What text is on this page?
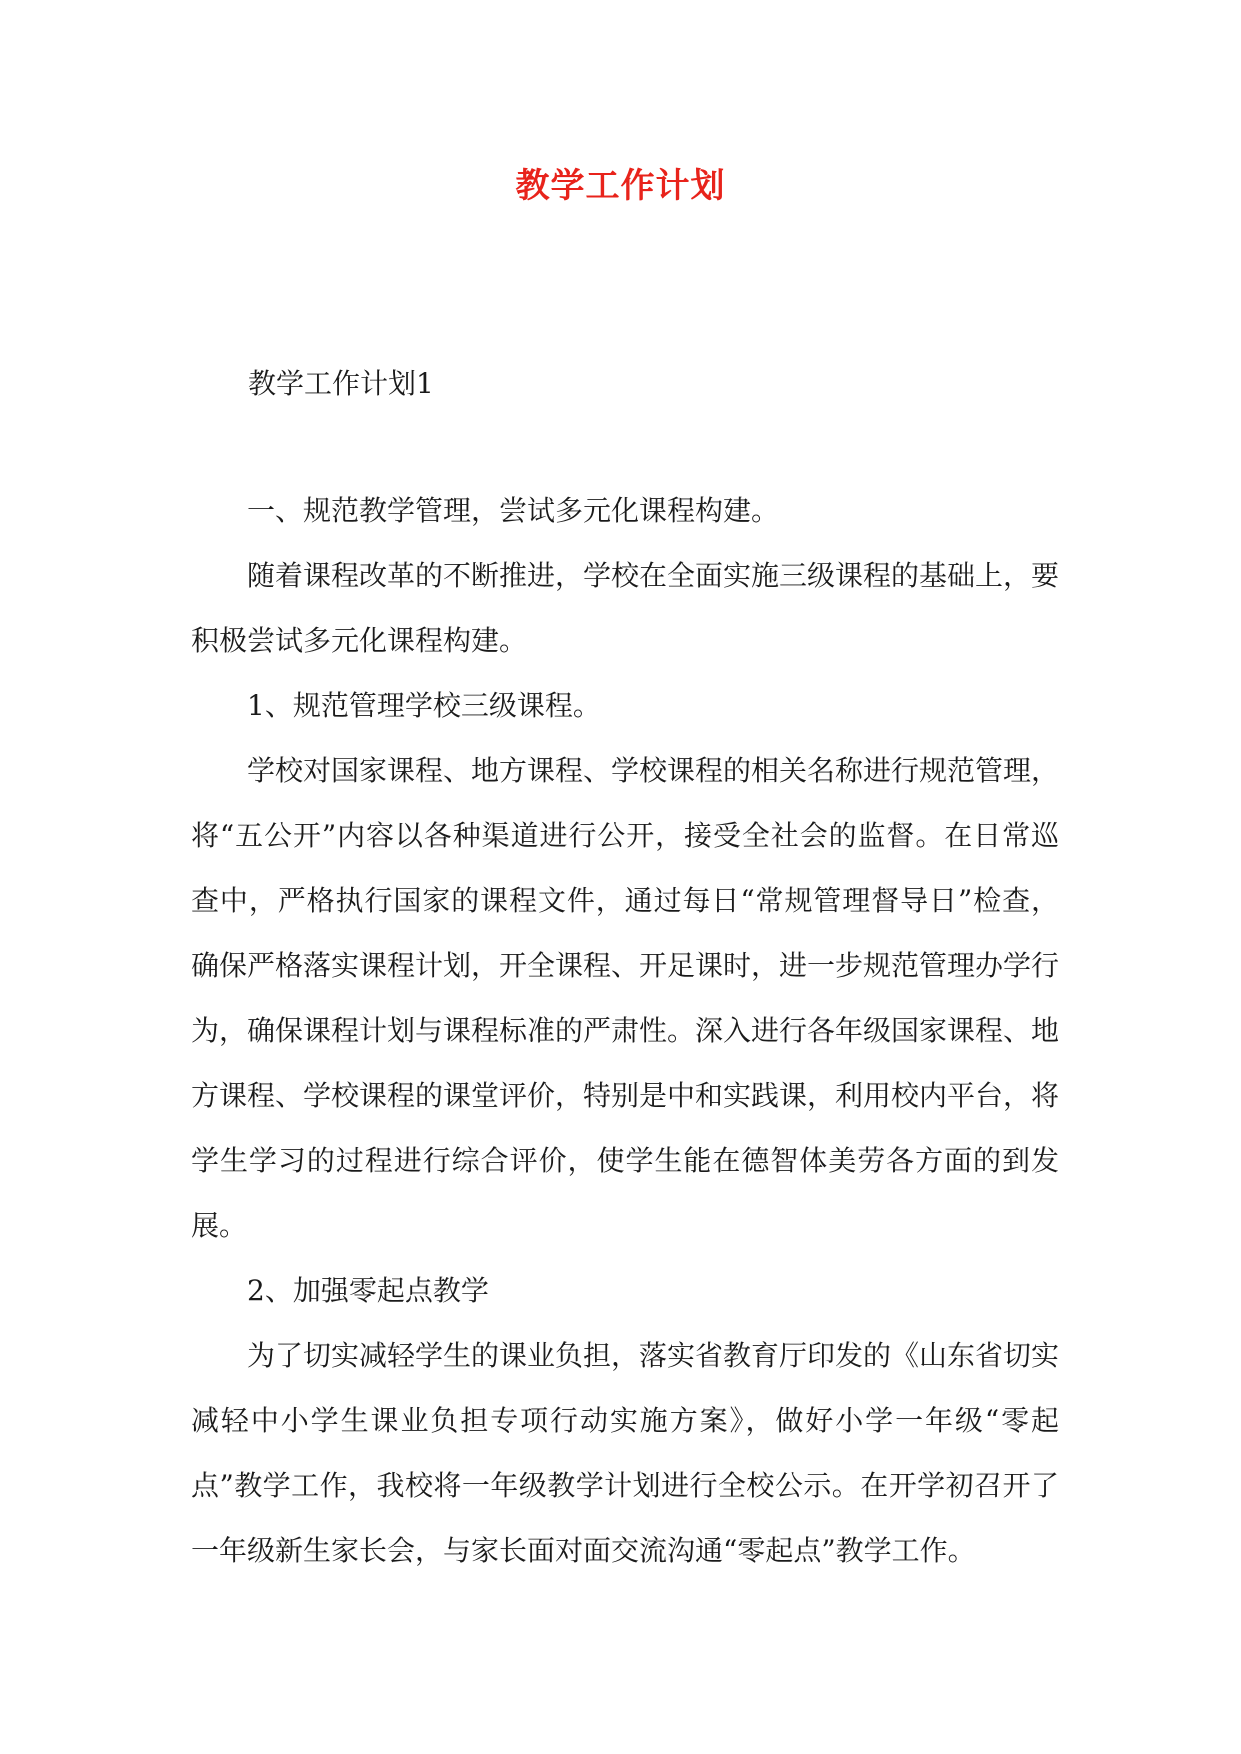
教学工作计划
教学工作计划1

一、规范教学管理，尝试多元化课程构建。

随着课程改革的不断推进，学校在全面实施三级课程的基础上，要积极尝试多元化课程构建。

1、规范管理学校三级课程。

学校对国家课程、地方课程、学校课程的相关名称进行规范管理，将“五公开”内容以各种渠道进行公开，接受全社会的监督。在日常巡查中，严格执行国家的课程文件，通过每日“常规管理督导日”检查，确保严格落实课程计划，开全课程、开足课时，进一步规范管理办学行为，确保课程计划与课程标准的严肃性。深入进行各年级国家课程、地方课程、学校课程的课堂评价，特别是中和实践课，利用校内平台，将学生学习的过程进行综合评价，使学生能在德智体美劳各方面的到发展。

2、加强零起点教学

为了切实减轻学生的课业负担，落实省教育厅印发的《山东省切实减轻中小学生课业负担专项行动实施方案》，做好小学一年级“零起点”教学工作，我校将一年级教学计划进行全校公示。在开学初召开了一年级新生家长会，与家长面对面交流沟通“零起点”教学工作。
